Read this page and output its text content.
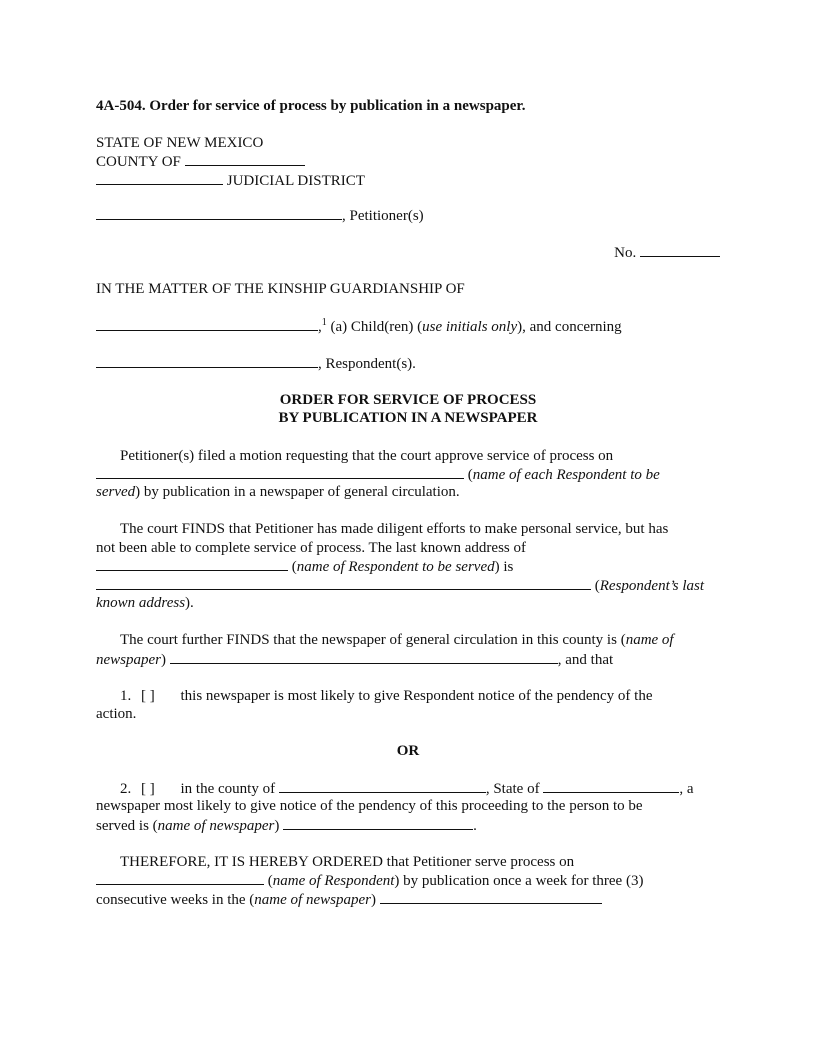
4A-504. Order for service of process by publication in a newspaper.
STATE OF NEW MEXICO
COUNTY OF
JUDICIAL DISTRICT
, Petitioner(s)
No.
IN THE MATTER OF THE KINSHIP GUARDIANSHIP OF
,$^1$ (a) Child(ren) (use initials only), and concerning
, Respondent(s).
ORDER FOR SERVICE OF PROCESS
BY PUBLICATION IN A NEWSPAPER
Petitioner(s) filed a motion requesting that the court approve service of process on
(name of each Respondent to be
served) by publication in a newspaper of general circulation.
The court FINDS that Petitioner has made diligent efforts to make personal service, but has
not been able to complete service of process. The last known address of
(name of Respondent to be served) is
(Respondent’s last
known address).
The court further FINDS that the newspaper of general circulation in this county is (name of
newspaper)	, and that
1. [ ] this newspaper is most likely to give Respondent notice of the pendency of the
action.
OR
2. [ ] in the county of	, State of	, a
newspaper most likely to give notice of the pendency of this proceeding to the person to be
served is (name of newspaper)	.
THEREFORE, IT IS HEREBY ORDERED that Petitioner serve process on
(name of Respondent) by publication once a week for three (3)
consecutive weeks in the (name of newspaper)
